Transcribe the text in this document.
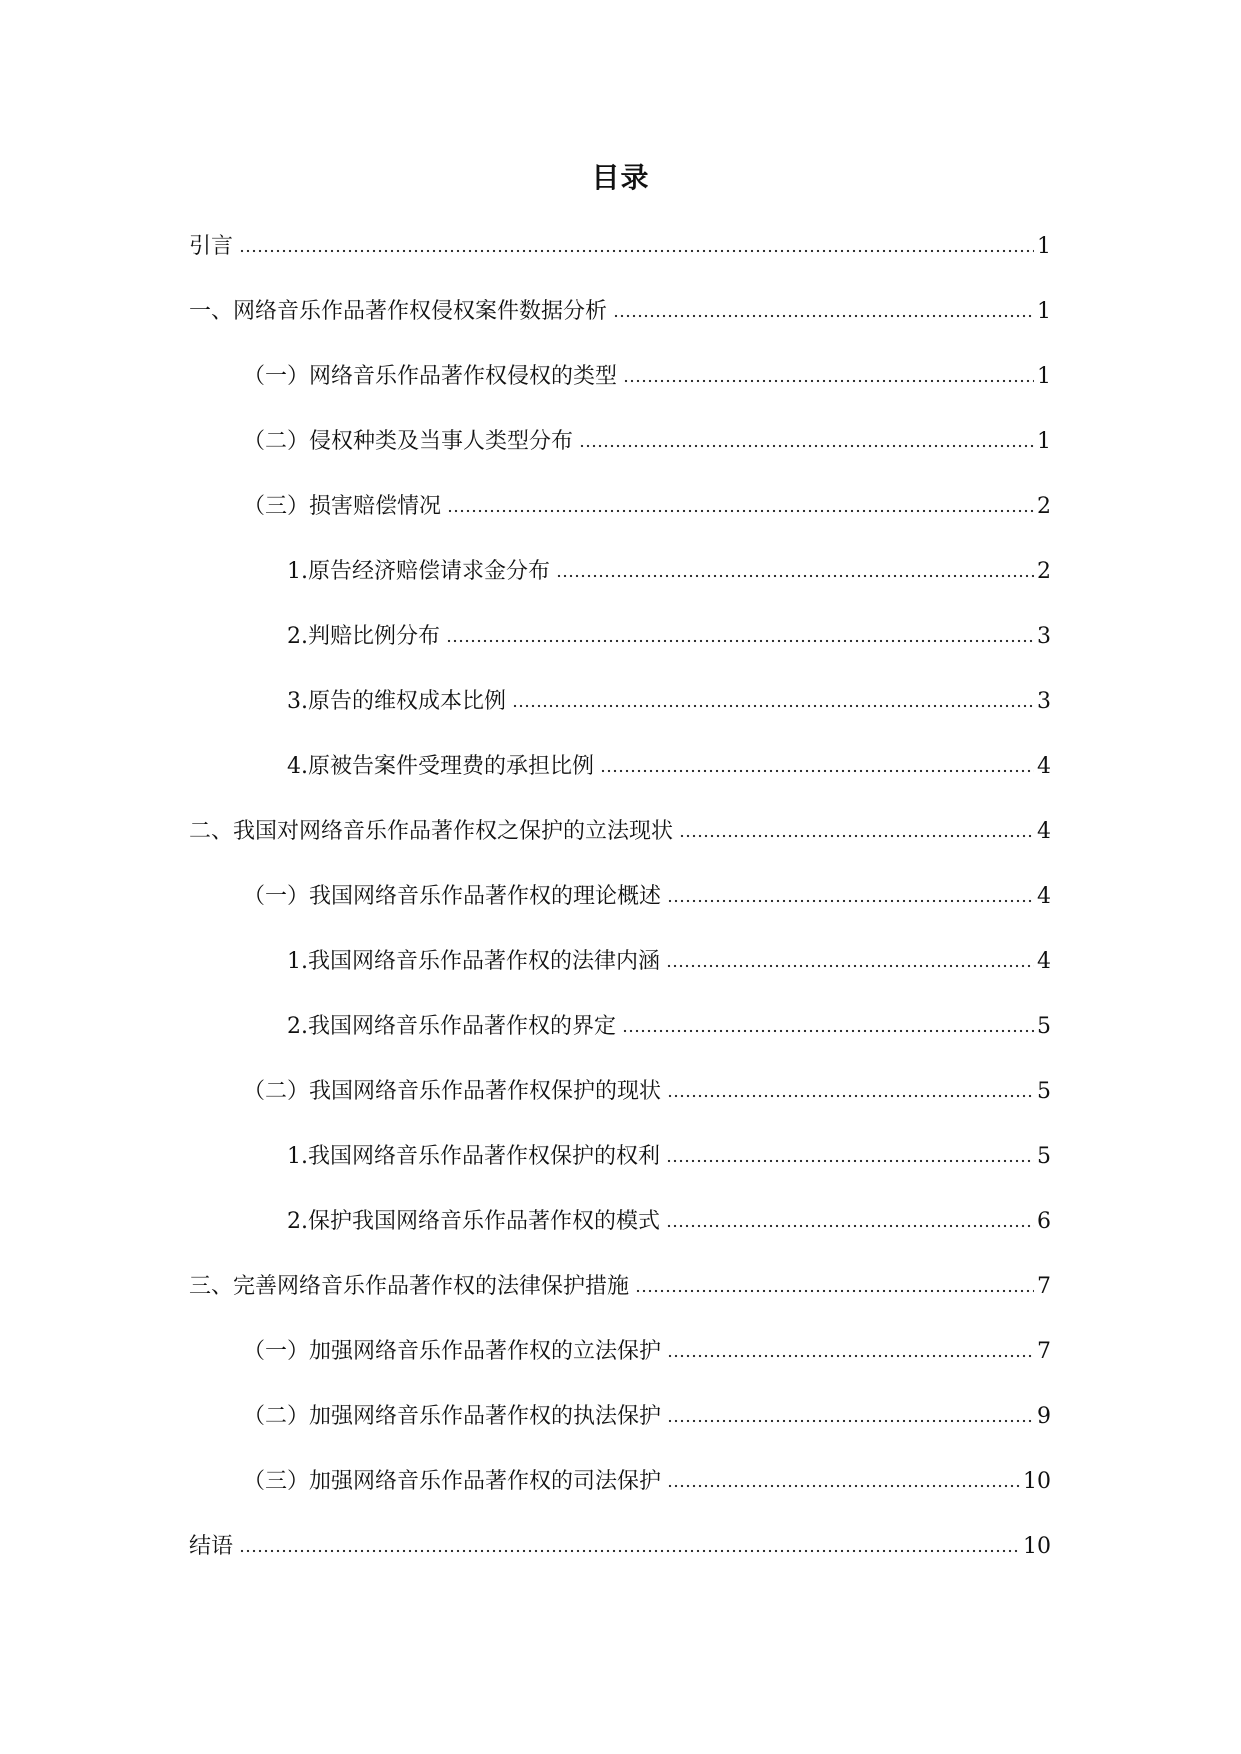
目录
引言	1
一、网络音乐作品著作权侵权案件数据分析	1
（一）网络音乐作品著作权侵权的类型	1
（二）侵权种类及当事人类型分布	1
（三）损害赔偿情况	2
1.原告经济赔偿请求金分布	2
2.判赔比例分布	3
3.原告的维权成本比例	3
4.原被告案件受理费的承担比例	4
二、我国对网络音乐作品著作权之保护的立法现状	4
（一）我国网络音乐作品著作权的理论概述	4
1.我国网络音乐作品著作权的法律内涵	4
2.我国网络音乐作品著作权的界定	5
（二）我国网络音乐作品著作权保护的现状	5
1.我国网络音乐作品著作权保护的权利	5
2.保护我国网络音乐作品著作权的模式	6
三、完善网络音乐作品著作权的法律保护措施	7
（一）加强网络音乐作品著作权的立法保护	7
（二）加强网络音乐作品著作权的执法保护	9
（三）加强网络音乐作品著作权的司法保护	10
结语	10
